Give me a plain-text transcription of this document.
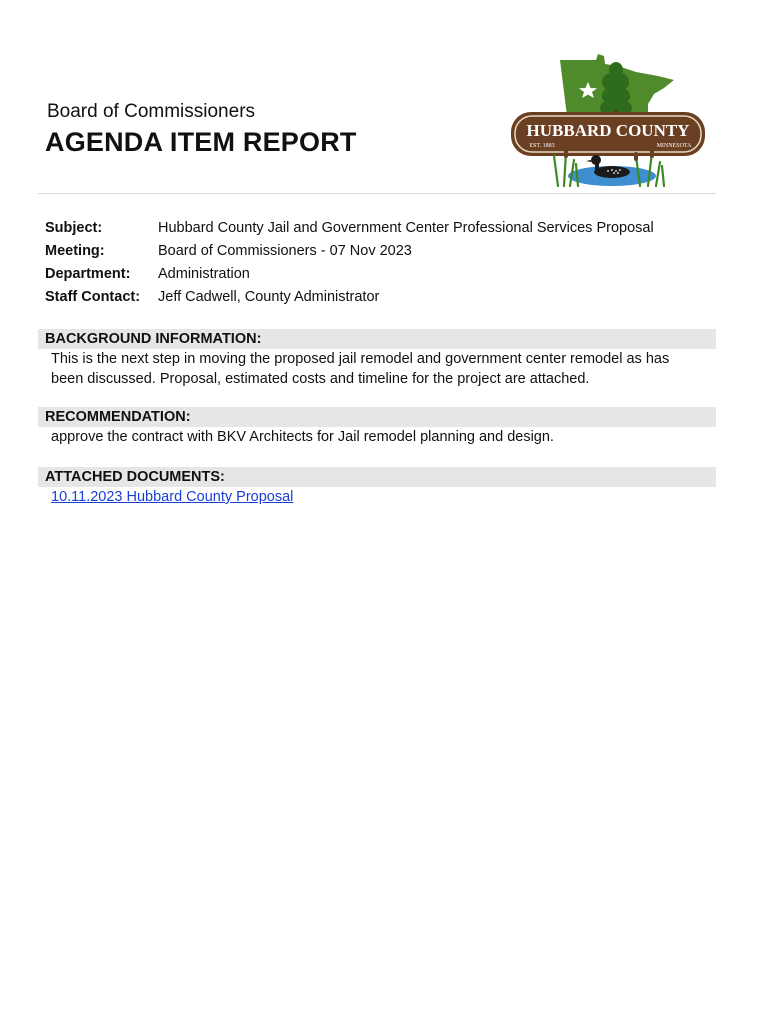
Board of Commissioners
AGENDA ITEM REPORT	HUBBARD COUNTY
EST. 1883	MINNESOTA
Subject:	Hubbard County Jail and Government Center Professional Services Proposal
Meeting:	Board of Commissioners - 07 Nov 2023
Department:	Administration
Staff Contact:	Jeff Cadwell, County Administrator
BACKGROUND INFORMATION:
This is the next step in moving the proposed jail remodel and government center remodel as has
been discussed. Proposal, estimated costs and timeline for the project are attached.
RECOMMENDATION:
approve the contract with BKV Architects for Jail remodel planning and design.
ATTACHED DOCUMENTS:
10.11.2023 Hubbard County Proposal
